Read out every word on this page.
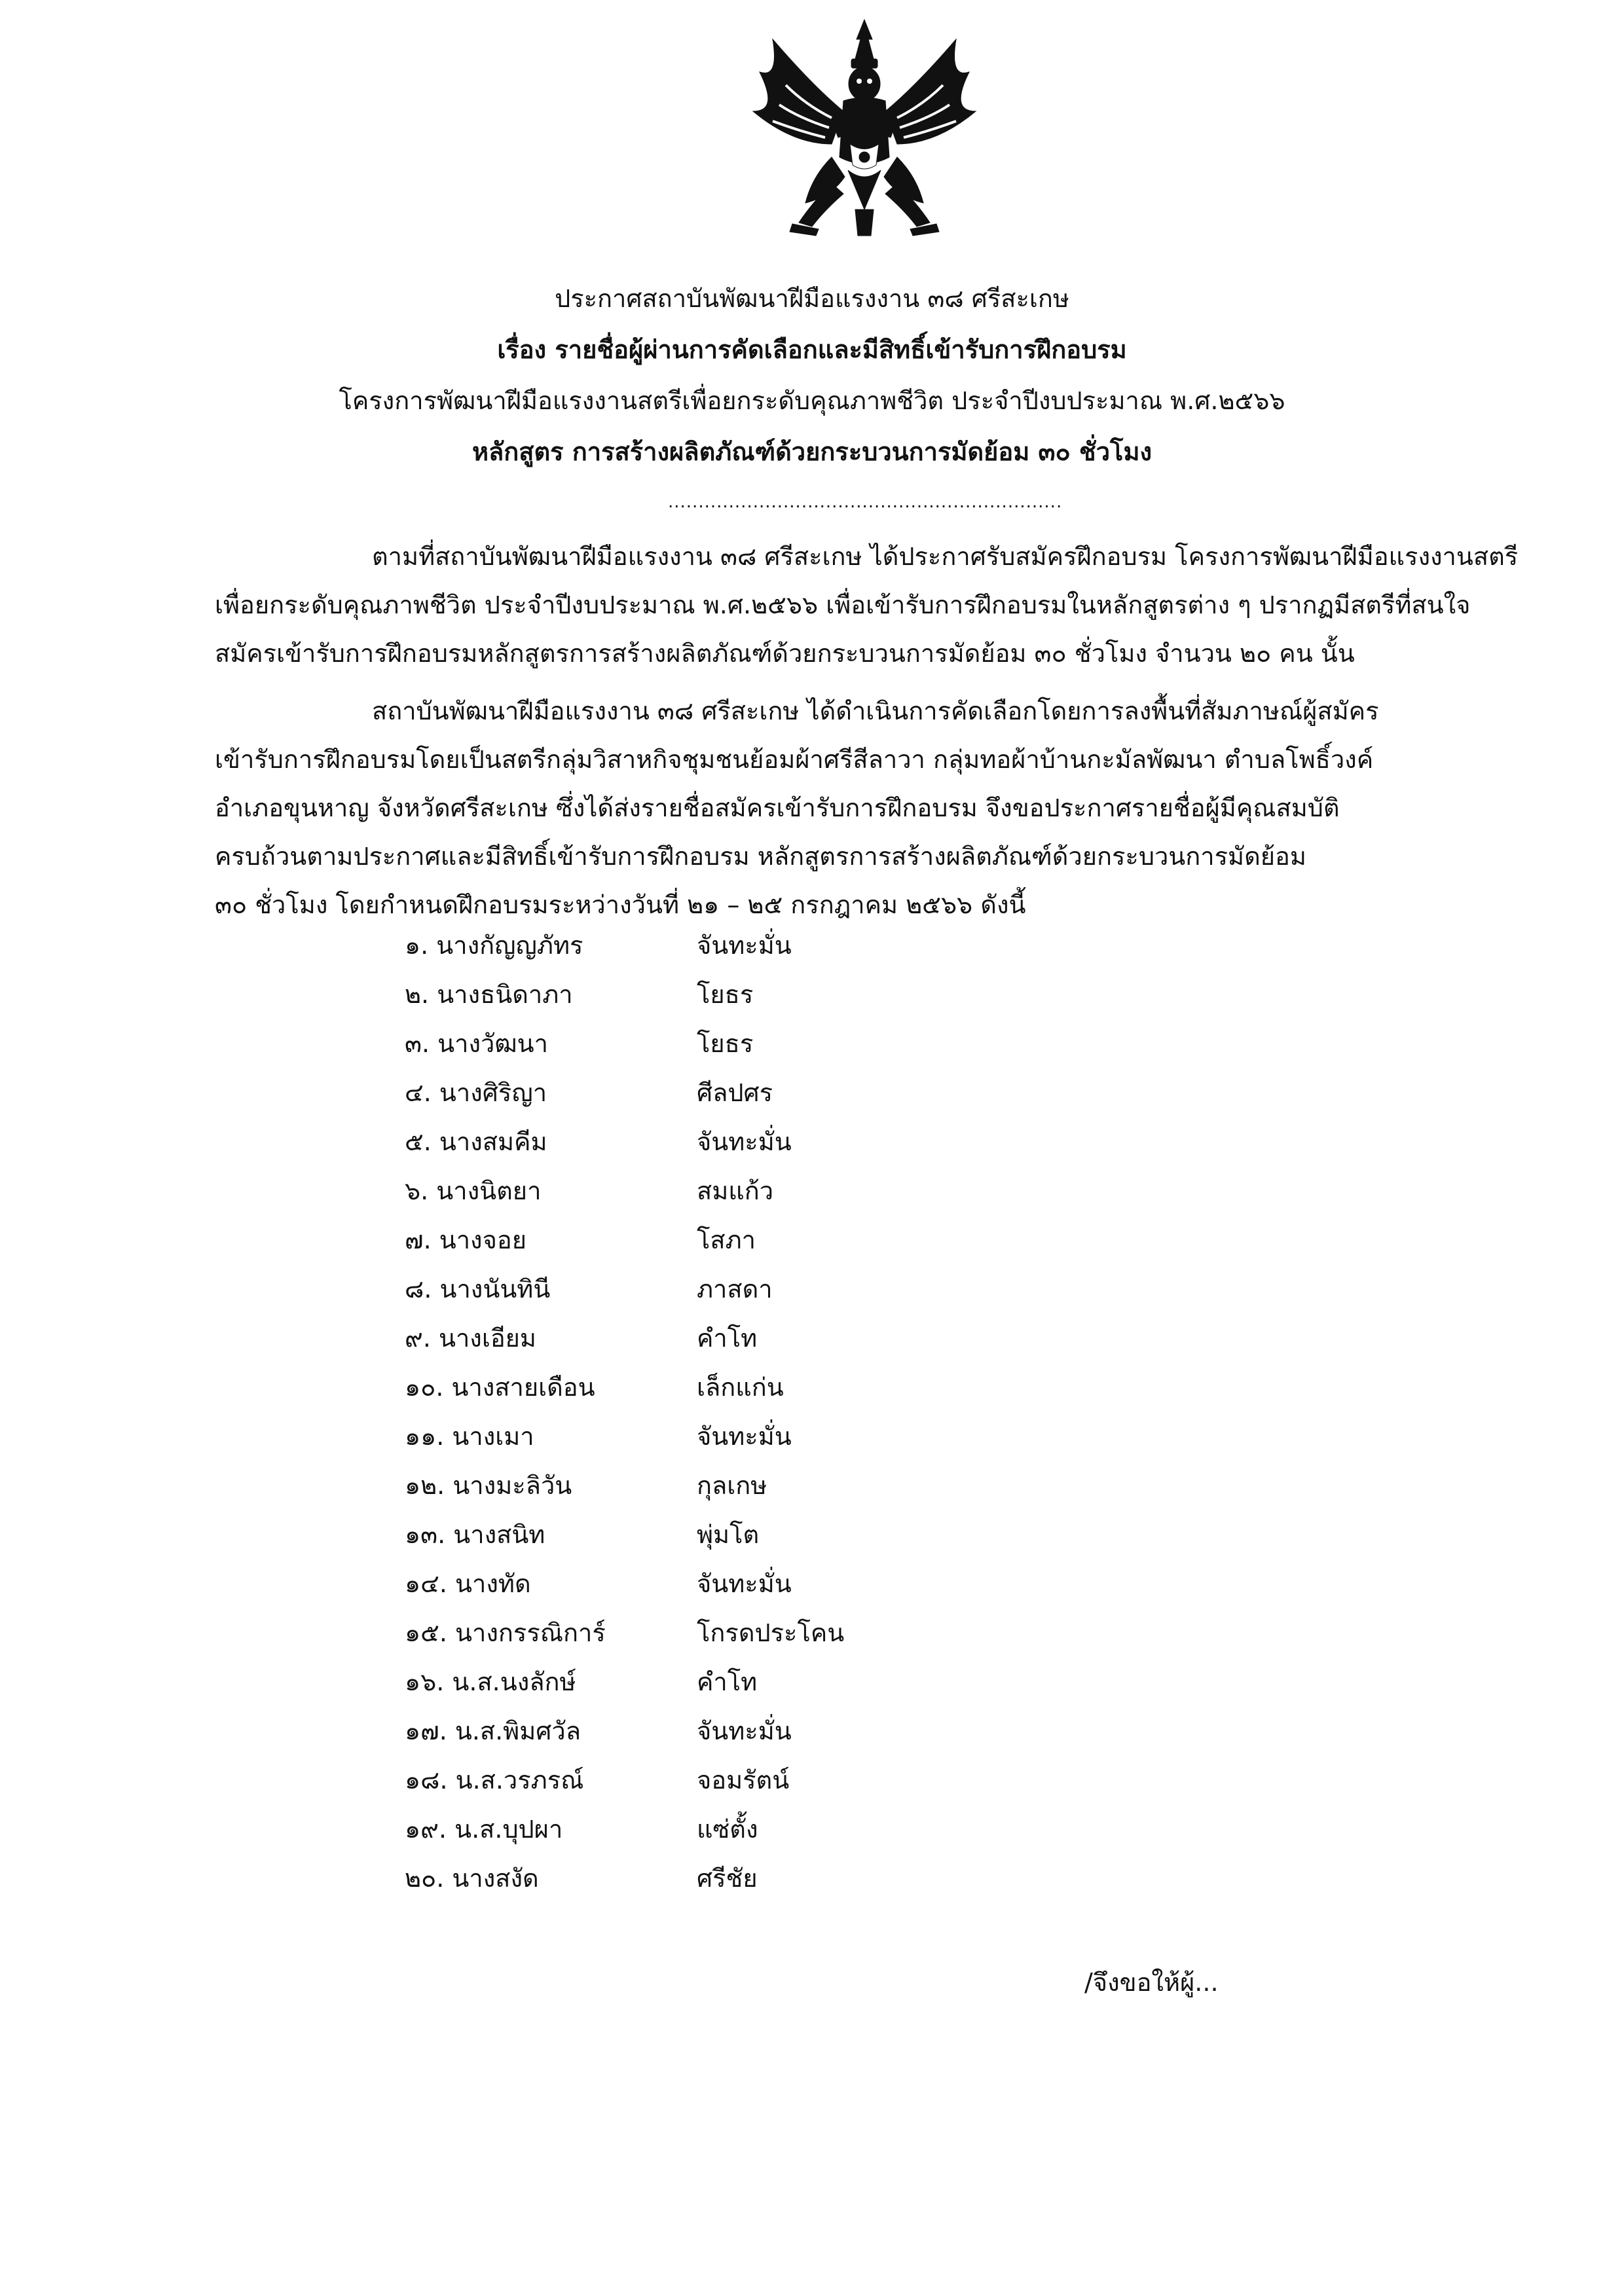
ประกาศสถาบันพัฒนาฝีมือแรงงาน ๓๘ ศรีสะเกษ
เรื่อง รายชื่อผู้ผ่านการคัดเลือกและมีสิทธิ์เข้ารับการฝึกอบรม
โครงการพัฒนาฝีมือแรงงานสตรีเพื่อยกระดับคุณภาพชีวิต ประจำปีงบประมาณ พ.ศ.๒๕๖๖
หลักสูตร การสร้างผลิตภัณฑ์ด้วยกระบวนการมัดย้อม ๓๐ ชั่วโมง
.................................................................
ตามที่สถาบันพัฒนาฝีมือแรงงาน ๓๘ ศรีสะเกษ ได้ประกาศรับสมัครฝึกอบรม โครงการพัฒนาฝีมือแรงงานสตรี
เพื่อยกระดับคุณภาพชีวิต ประจำปีงบประมาณ พ.ศ.๒๕๖๖ เพื่อเข้ารับการฝึกอบรมในหลักสูตรต่าง ๆ ปรากฏมีสตรีที่สนใจ
สมัครเข้ารับการฝึกอบรมหลักสูตรการสร้างผลิตภัณฑ์ด้วยกระบวนการมัดย้อม ๓๐ ชั่วโมง จำนวน ๒๐ คน นั้น
สถาบันพัฒนาฝีมือแรงงาน ๓๘ ศรีสะเกษ ได้ดำเนินการคัดเลือกโดยการลงพื้นที่สัมภาษณ์ผู้สมัคร
เข้ารับการฝึกอบรมโดยเป็นสตรีกลุ่มวิสาหกิจชุมชนย้อมผ้าศรีสีลาวา กลุ่มทอผ้าบ้านกะมัลพัฒนา ตำบลโพธิ์วงค์
อำเภอขุนหาญ จังหวัดศรีสะเกษ ซึ่งได้ส่งรายชื่อสมัครเข้ารับการฝึกอบรม จึงขอประกาศรายชื่อผู้มีคุณสมบัติ
ครบถ้วนตามประกาศและมีสิทธิ์เข้ารับการฝึกอบรม หลักสูตรการสร้างผลิตภัณฑ์ด้วยกระบวนการมัดย้อม
๓๐ ชั่วโมง โดยกำหนดฝึกอบรมระหว่างวันที่ ๒๑ – ๒๕ กรกฎาคม ๒๕๖๖ ดังนี้
๑. นางกัญญภัทร	จันทะมั่น
๒. นางธนิดาภา	โยธร
๓. นางวัฒนา	โยธร
๔. นางศิริญา	ศีลปศร
๕. นางสมคีม	จันทะมั่น
๖. นางนิตยา	สมแก้ว
๗. นางจอย	โสภา
๘. นางนันทินี	ภาสดา
๙. นางเอียม	คำโท
๑๐. นางสายเดือน	เล็กแก่น
๑๑. นางเมา	จันทะมั่น
๑๒. นางมะลิวัน	กุลเกษ
๑๓. นางสนิท	พุ่มโต
๑๔. นางทัด	จันทะมั่น
๑๕. นางกรรณิการ์	โกรดประโคน
๑๖. น.ส.นงลักษ์	คำโท
๑๗. น.ส.พิมศวัล	จันทะมั่น
๑๘. น.ส.วรภรณ์	จอมรัตน์
๑๙. น.ส.บุปผา	แซ่ตั้ง
๒๐. นางสงัด	ศรีชัย
/จึงขอให้ผู้...
